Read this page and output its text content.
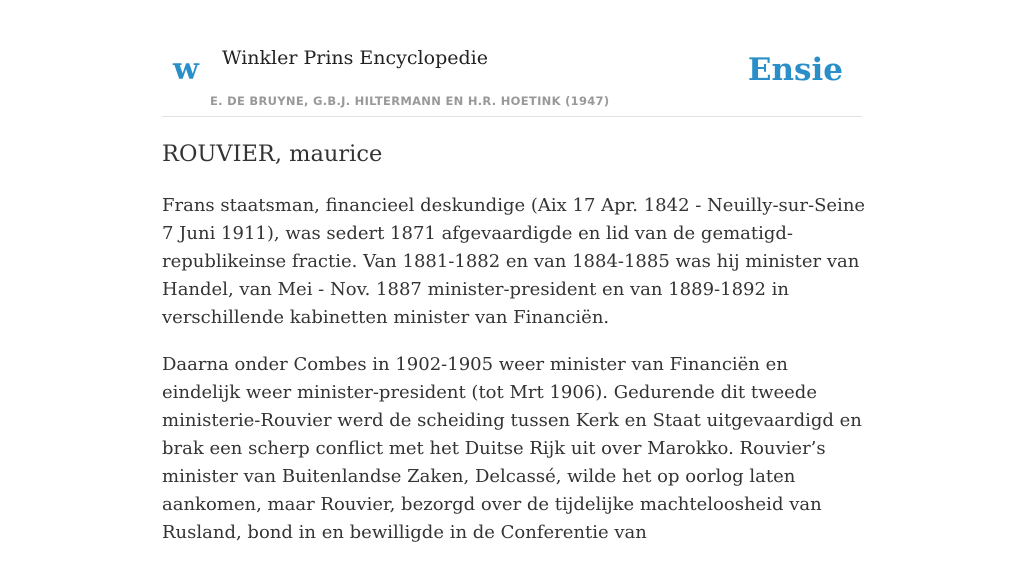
w Winkler Prins Encyclopedie
E. DE BRUYNE, G.B.J. HILTERMANN EN H.R. HOETINK (1947)
Ensie
ROUVIER, maurice

Frans staatsman, financieel deskundige (Aix 17 Apr. 1842 - Neuilly-sur-Seine 7 Juni 1911), was sedert 1871 afgevaardigde en lid van de gematigd-republikeinse fractie. Van 1881-1882 en van 1884-1885 was hij minister van Handel, van Mei - Nov. 1887 minister-president en van 1889-1892 in verschillende kabinetten minister van Financiën.

Daarna onder Combes in 1902-1905 weer minister van Financiën en eindelijk weer minister-president (tot Mrt 1906). Gedurende dit tweede ministerie-Rouvier werd de scheiding tussen Kerk en Staat uitgevaardigd en brak een scherp conflict met het Duitse Rijk uit over Marokko. Rouvier’s minister van Buitenlandse Zaken, Delcassé, wilde het op oorlog laten aankomen, maar Rouvier, bezorgd over de tijdelijke machteloosheid van Rusland, bond in en bewilligde in de Conferentie van
